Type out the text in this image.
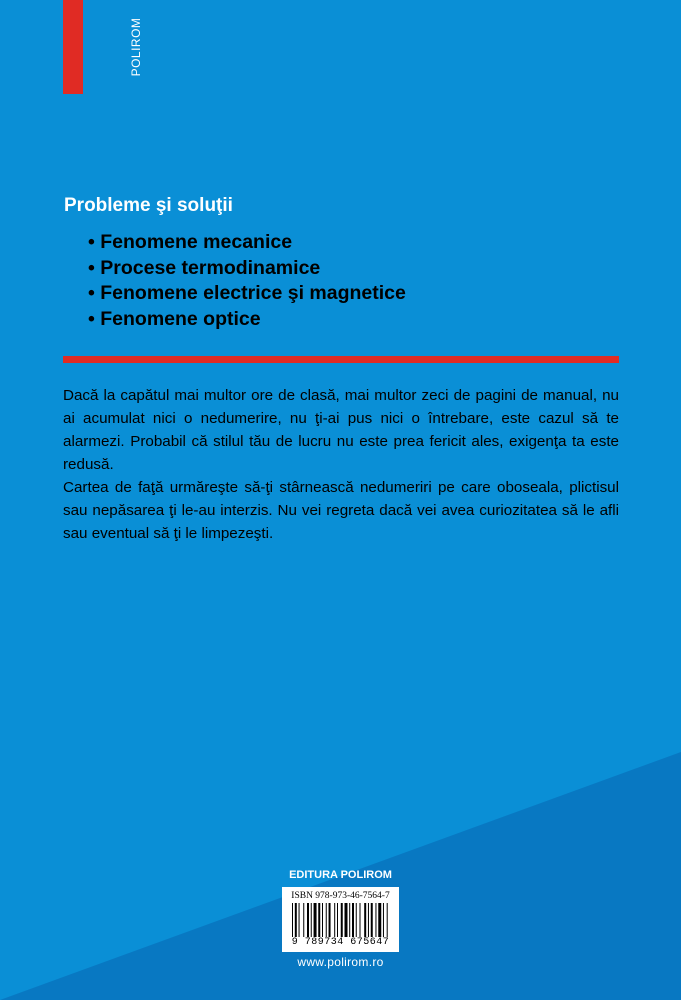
POLIROM
Probleme şi soluţii
• Fenomene mecanice
• Procese termodinamice
• Fenomene electrice şi magnetice
• Fenomene optice

Dacă la capătul mai multor ore de clasă, mai multor zeci de pagini de manual, nu ai acumulat nici o nedumerire, nu ţi-ai pus nici o întrebare, este cazul să te alarmezi. Probabil că stilul tău de lucru nu este prea fericit ales, exigenţa ta este redusă.

Cartea de faţă urmăreşte să-ţi stârnească nedumeriri pe care oboseala, plictisul sau nepăsarea ţi le-au interzis. Nu vei regreta dacă vei avea curiozitatea să le afli sau eventual să ţi le limpezeşti.

EDITURA POLIROM
ISBN 978-973-46-7564-7
9 789734 675647
www.polirom.ro
